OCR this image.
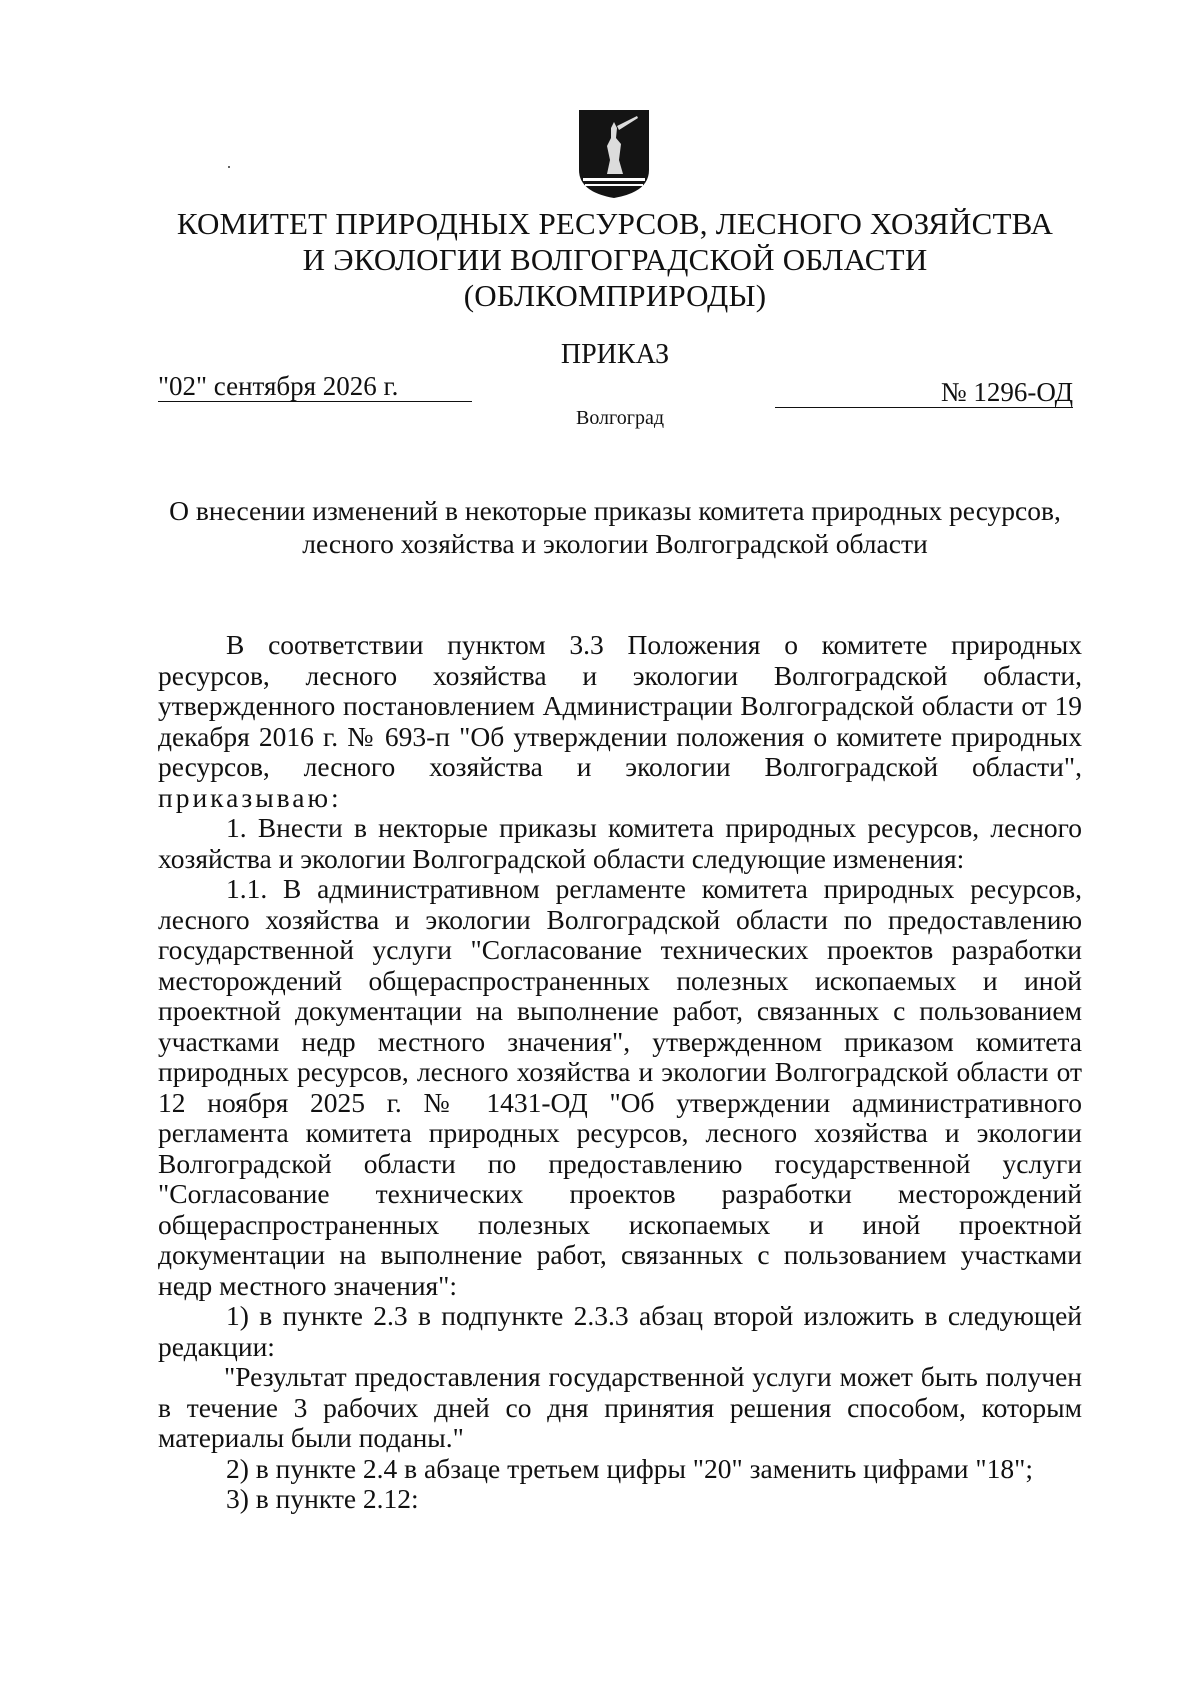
КОМИТЕТ ПРИРОДНЫХ РЕСУРСОВ, ЛЕСНОГО ХОЗЯЙСТВА
И ЭКОЛОГИИ ВОЛГОГРАДСКОЙ ОБЛАСТИ
(ОБЛКОМПРИРОДЫ)
ПРИКАЗ
"02" сентября 2026 г.	№ 1296-ОД
Волгоград
О внесении изменений в некоторые приказы комитета природных ресурсов,
лесного хозяйства и экологии Волгоградской области

В соответствии пунктом 3.3 Положения о комитете природных ресурсов, лесного хозяйства и экологии Волгоградской области, утвержденного постановлением Администрации Волгоградской области от 19 декабря 2016 г. № 693-п "Об утверждении положения о комитете природных ресурсов, лесного хозяйства и экологии Волгоградской области", приказываю:

1. Внести в некторые приказы комитета природных ресурсов, лесного хозяйства и экологии Волгоградской области следующие изменения:

1.1. В административном регламенте комитета природных ресурсов, лесного хозяйства и экологии Волгоградской области по предоставлению государственной услуги "Согласование технических проектов разработки месторождений общераспространенных полезных ископаемых и иной проектной документации на выполнение работ, связанных с пользованием участками недр местного значения", утвержденном приказом комитета природных ресурсов, лесного хозяйства и экологии Волгоградской области от 12 ноября 2025 г. № 1431-ОД "Об утверждении административного регламента комитета природных ресурсов, лесного хозяйства и экологии Волгоградской области по предоставлению государственной услуги "Согласование технических проектов разработки месторождений общераспространенных полезных ископаемых и иной проектной документации на выполнение работ, связанных с пользованием участками недр местного значения":

1) в пункте 2.3 в подпункте 2.3.3 абзац второй изложить в следующей редакции:

"Результат предоставления государственной услуги может быть получен в течение 3 рабочих дней со дня принятия решения способом, которым материалы были поданы."

2) в пункте 2.4 в абзаце третьем цифры "20" заменить цифрами "18";

3) в пункте 2.12:
